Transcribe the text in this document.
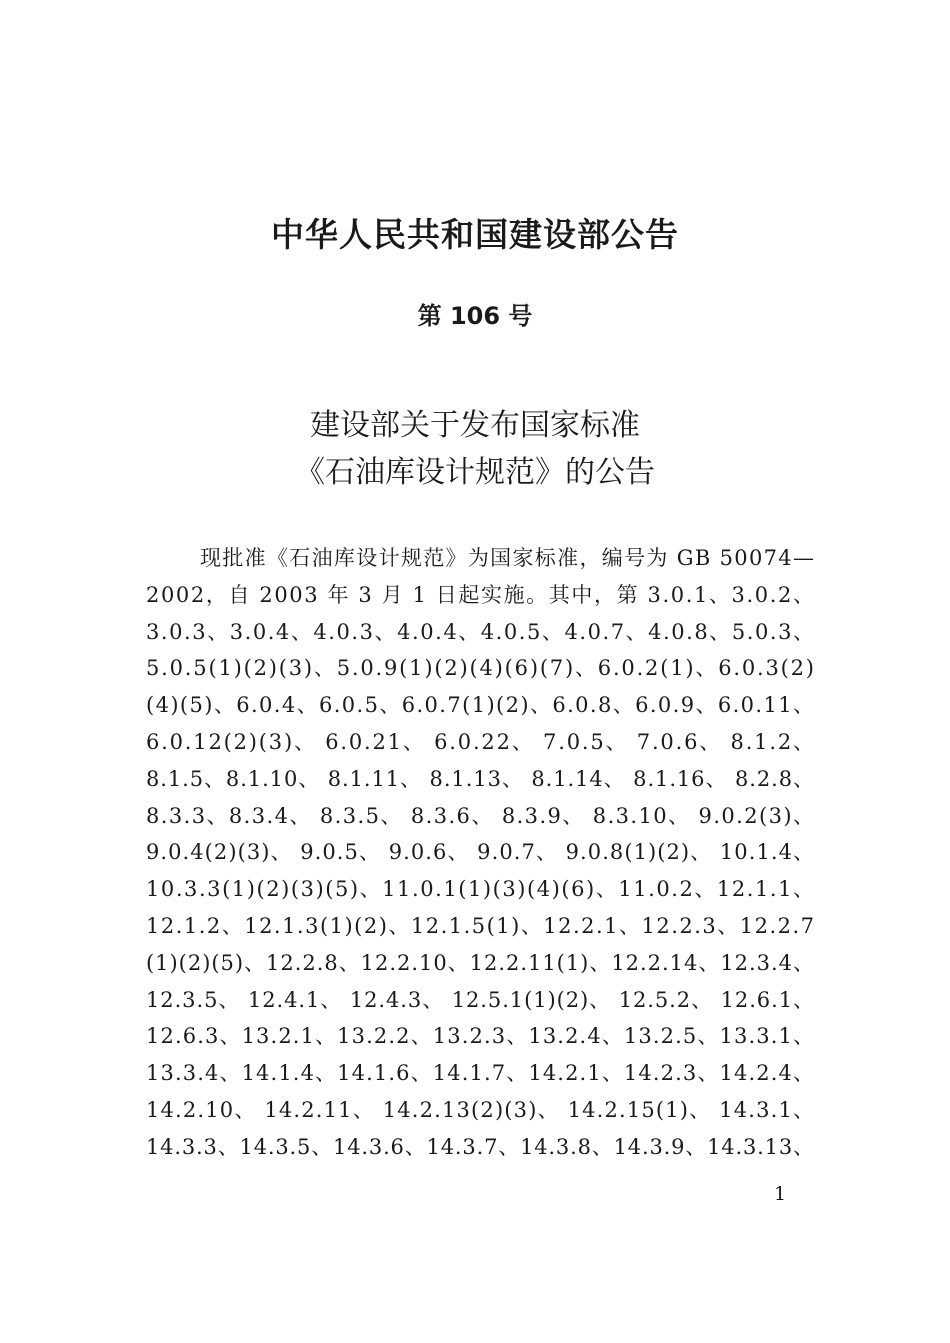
中华人民共和国建设部公告
第 106 号
建设部关于发布国家标准
《石油库设计规范》的公告
现批准《石油库设计规范》为国家标准，编号为 GB 50074—
2002，自 2003 年 3 月 1 日起实施。其中，第 3.0.1、3.0.2、
3.0.3、3.0.4、4.0.3、4.0.4、4.0.5、4.0.7、4.0.8、5.0.3、
5.0.5(1)(2)(3)、5.0.9(1)(2)(4)(6)(7)、6.0.2(1)、6.0.3(2)
(4)(5)、6.0.4、6.0.5、6.0.7(1)(2)、6.0.8、6.0.9、6.0.11、
6.0.12(2)(3)、 6.0.21、 6.0.22、 7.0.5、 7.0.6、 8.1.2、
8.1.5、8.1.10、 8.1.11、 8.1.13、 8.1.14、 8.1.16、 8.2.8、
8.3.3、8.3.4、 8.3.5、 8.3.6、 8.3.9、 8.3.10、 9.0.2(3)、
9.0.4(2)(3)、 9.0.5、 9.0.6、 9.0.7、 9.0.8(1)(2)、 10.1.4、
10.3.3(1)(2)(3)(5)、11.0.1(1)(3)(4)(6)、11.0.2、12.1.1、
12.1.2、12.1.3(1)(2)、12.1.5(1)、12.2.1、12.2.3、12.2.7
(1)(2)(5)、12.2.8、12.2.10、12.2.11(1)、12.2.14、12.3.4、
12.3.5、 12.4.1、 12.4.3、 12.5.1(1)(2)、 12.5.2、 12.6.1、
12.6.3、13.2.1、13.2.2、13.2.3、13.2.4、13.2.5、13.3.1、
13.3.4、14.1.4、14.1.6、14.1.7、14.2.1、14.2.3、14.2.4、
14.2.10、 14.2.11、 14.2.13(2)(3)、 14.2.15(1)、 14.3.1、
14.3.3、14.3.5、14.3.6、14.3.7、14.3.8、14.3.9、14.3.13、
1
